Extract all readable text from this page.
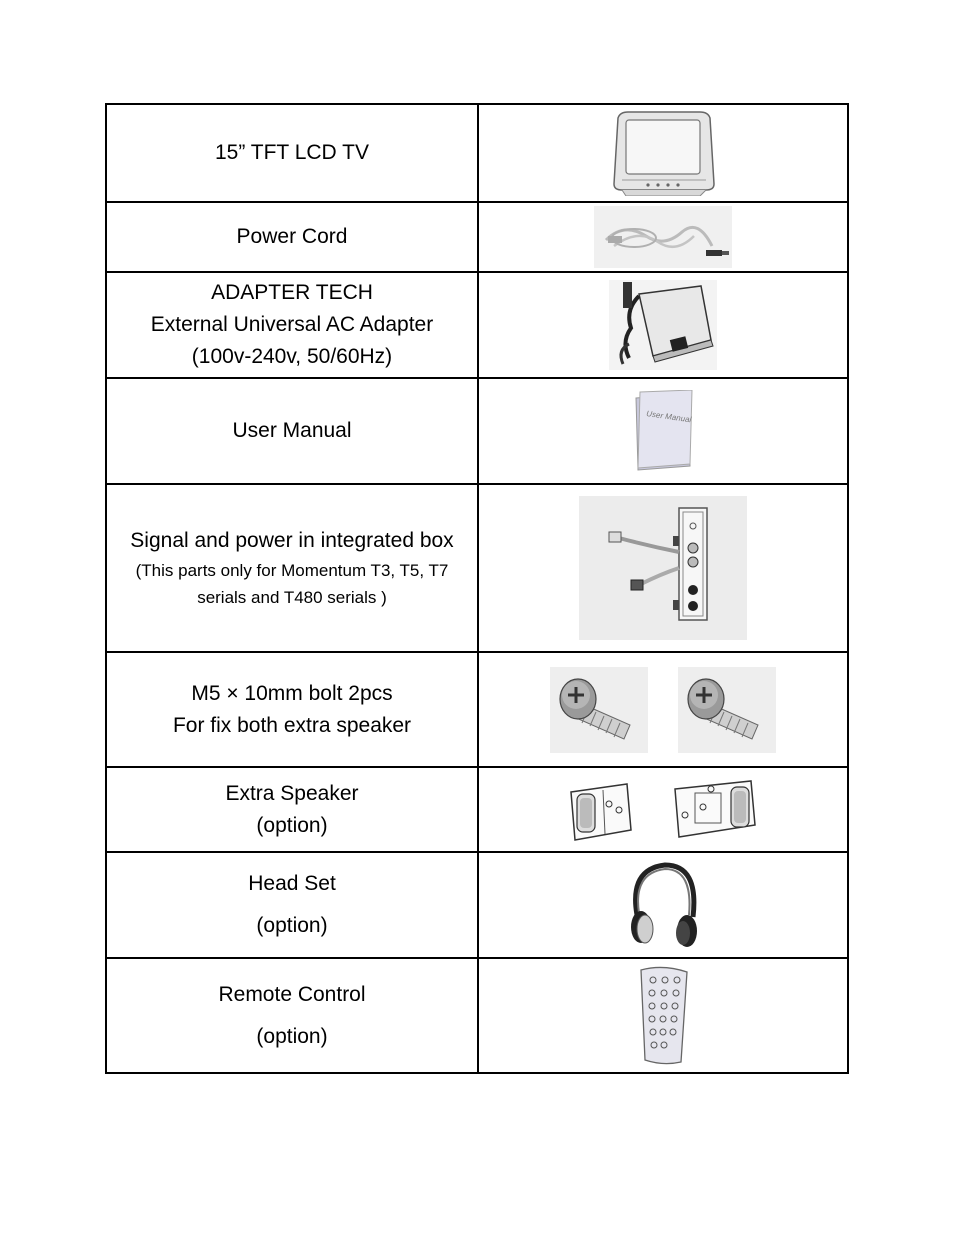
15” TFT LCD TV

Power Cord

ADAPTER TECH
External Universal AC Adapter
(100v-240v, 50/60Hz)

User Manual	User Manual

Signal and power in integrated box
(This parts only for Momentum T3, T5, T7
serials and T480 serials )

M5 × 10mm bolt 2pcs
For fix both extra speaker

Extra Speaker
(option)

Head Set
(option)

Remote Control
(option)
